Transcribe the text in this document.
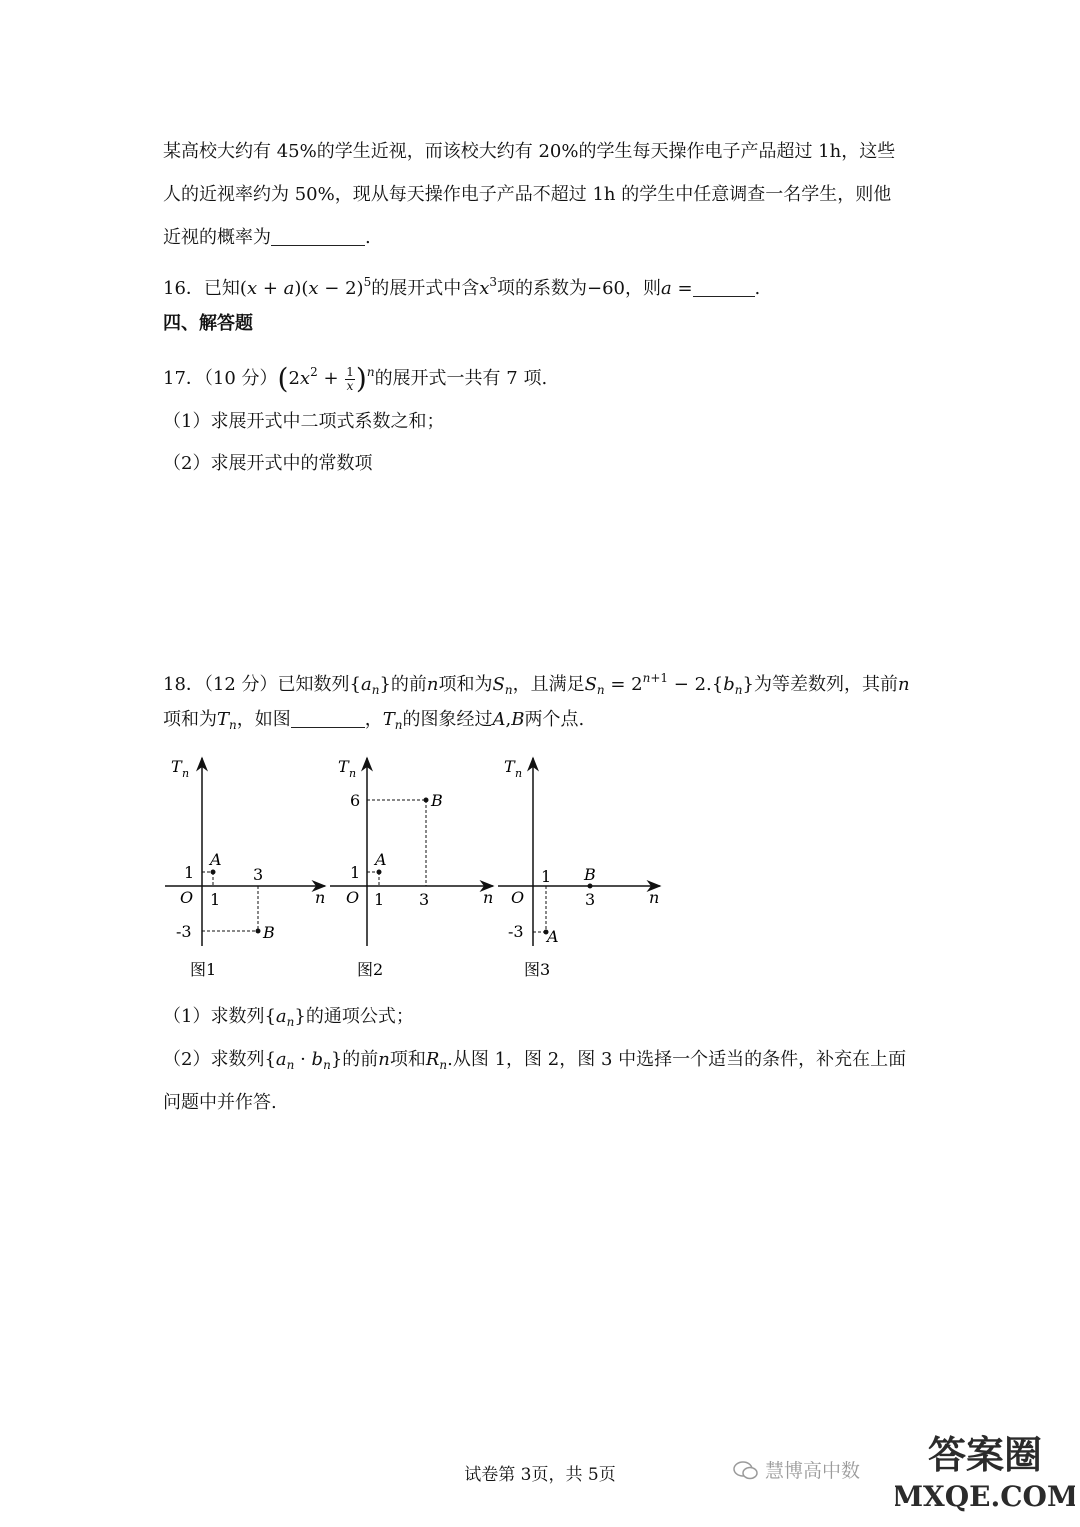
某高校大约有 45%的学生近视，而该校大约有 20%的学生每天操作电子产品超过 1h，这些
人的近视率约为 50%，现从每天操作电子产品不超过 1h 的学生中任意调查一名学生，则他
近视的概率为	.
16．已知$(x + a)(x - 2)^5$的展开式中含$x^3$项的系数为−60，则a =	.
四、解答题
17．（10 分）$(2x^2 + \frac{1}{x} )^n$的展开式一共有 7 项.
（1）求展开式中二项式系数之和；
（2）求展开式中的常数项
18．（12 分）已知数列$\{a_n\}$的前n项和为$S_n$，且满足$S_n = 2^{n+1} - 2.\{b_n\}$为等差数列，其前n
项和为$T_n$，如图	，$T_n$的图象经过A,B两个点.
T n
n
O
A
1
1
3
B
-3
图1
T n
n
O
A
1
1 3
B
6
图2
T n
n
O
1
A
-3
B
3
图3
（1）求数列$\{a_n\}$的通项公式；
（2）求数列$\{a_n \cdot b_n\}$的前n项和$R_n$.从图 1，图 2，图 3 中选择一个适当的条件，补充在上面
问题中并作答.
试卷第 3页，共 5页	慧博高中数 答案圈
MXQE.COM
